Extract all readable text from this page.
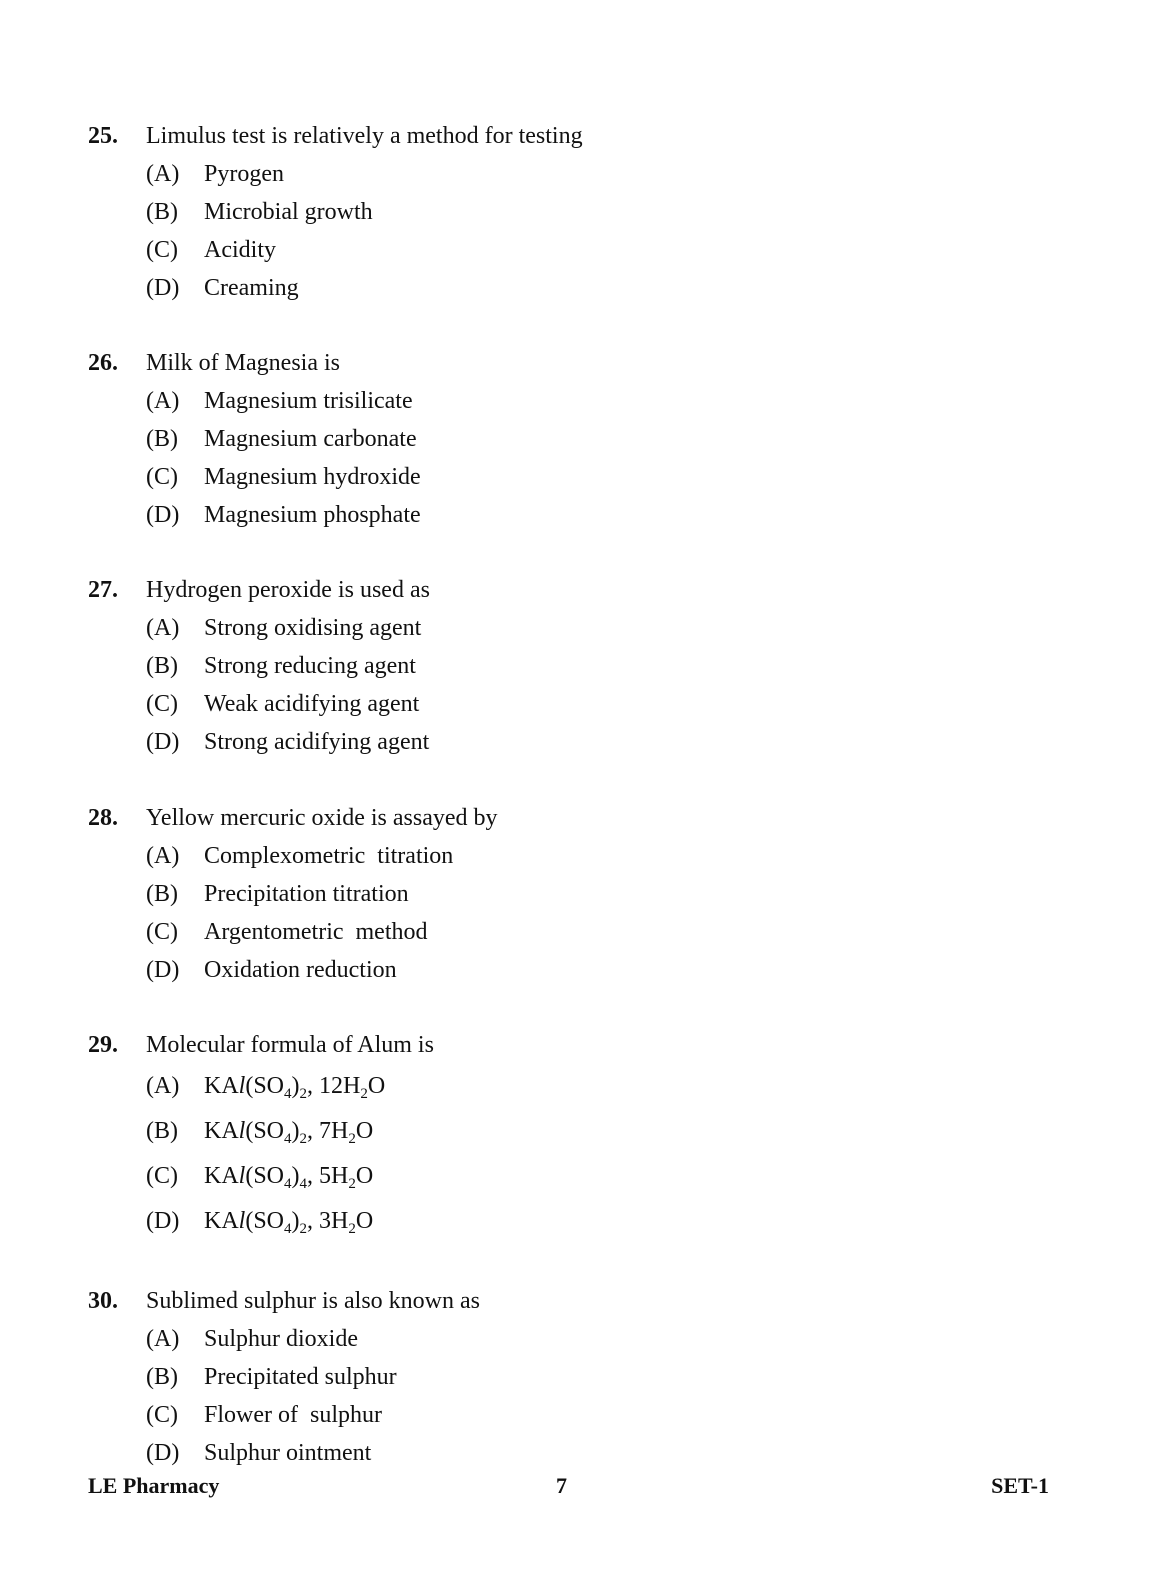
25. Limulus test is relatively a method for testing
(A) Pyrogen
(B) Microbial growth
(C) Acidity
(D) Creaming
26. Milk of Magnesia is
(A) Magnesium trisilicate
(B) Magnesium carbonate
(C) Magnesium hydroxide
(D) Magnesium phosphate
27. Hydrogen peroxide is used as
(A) Strong oxidising agent
(B) Strong reducing agent
(C) Weak acidifying agent
(D) Strong acidifying agent
28. Yellow mercuric oxide is assayed by
(A) Complexometric  titration
(B) Precipitation titration
(C) Argentometric  method
(D) Oxidation reduction
29. Molecular formula of Alum is
(A) $KAl(SO_4)_2$, $12H_2O$
(B) $KAl(SO_4)_2$, $7H_2O$
(C) $KAl(SO_4)_4$, $5H_2O$
(D) $KAl(SO_4)_2$, $3H_2O$
30. Sublimed sulphur is also known as
(A) Sulphur dioxide
(B) Precipitated sulphur
(C) Flower of  sulphur
(D) Sulphur ointment
LE Pharmacy	7	SET-1
